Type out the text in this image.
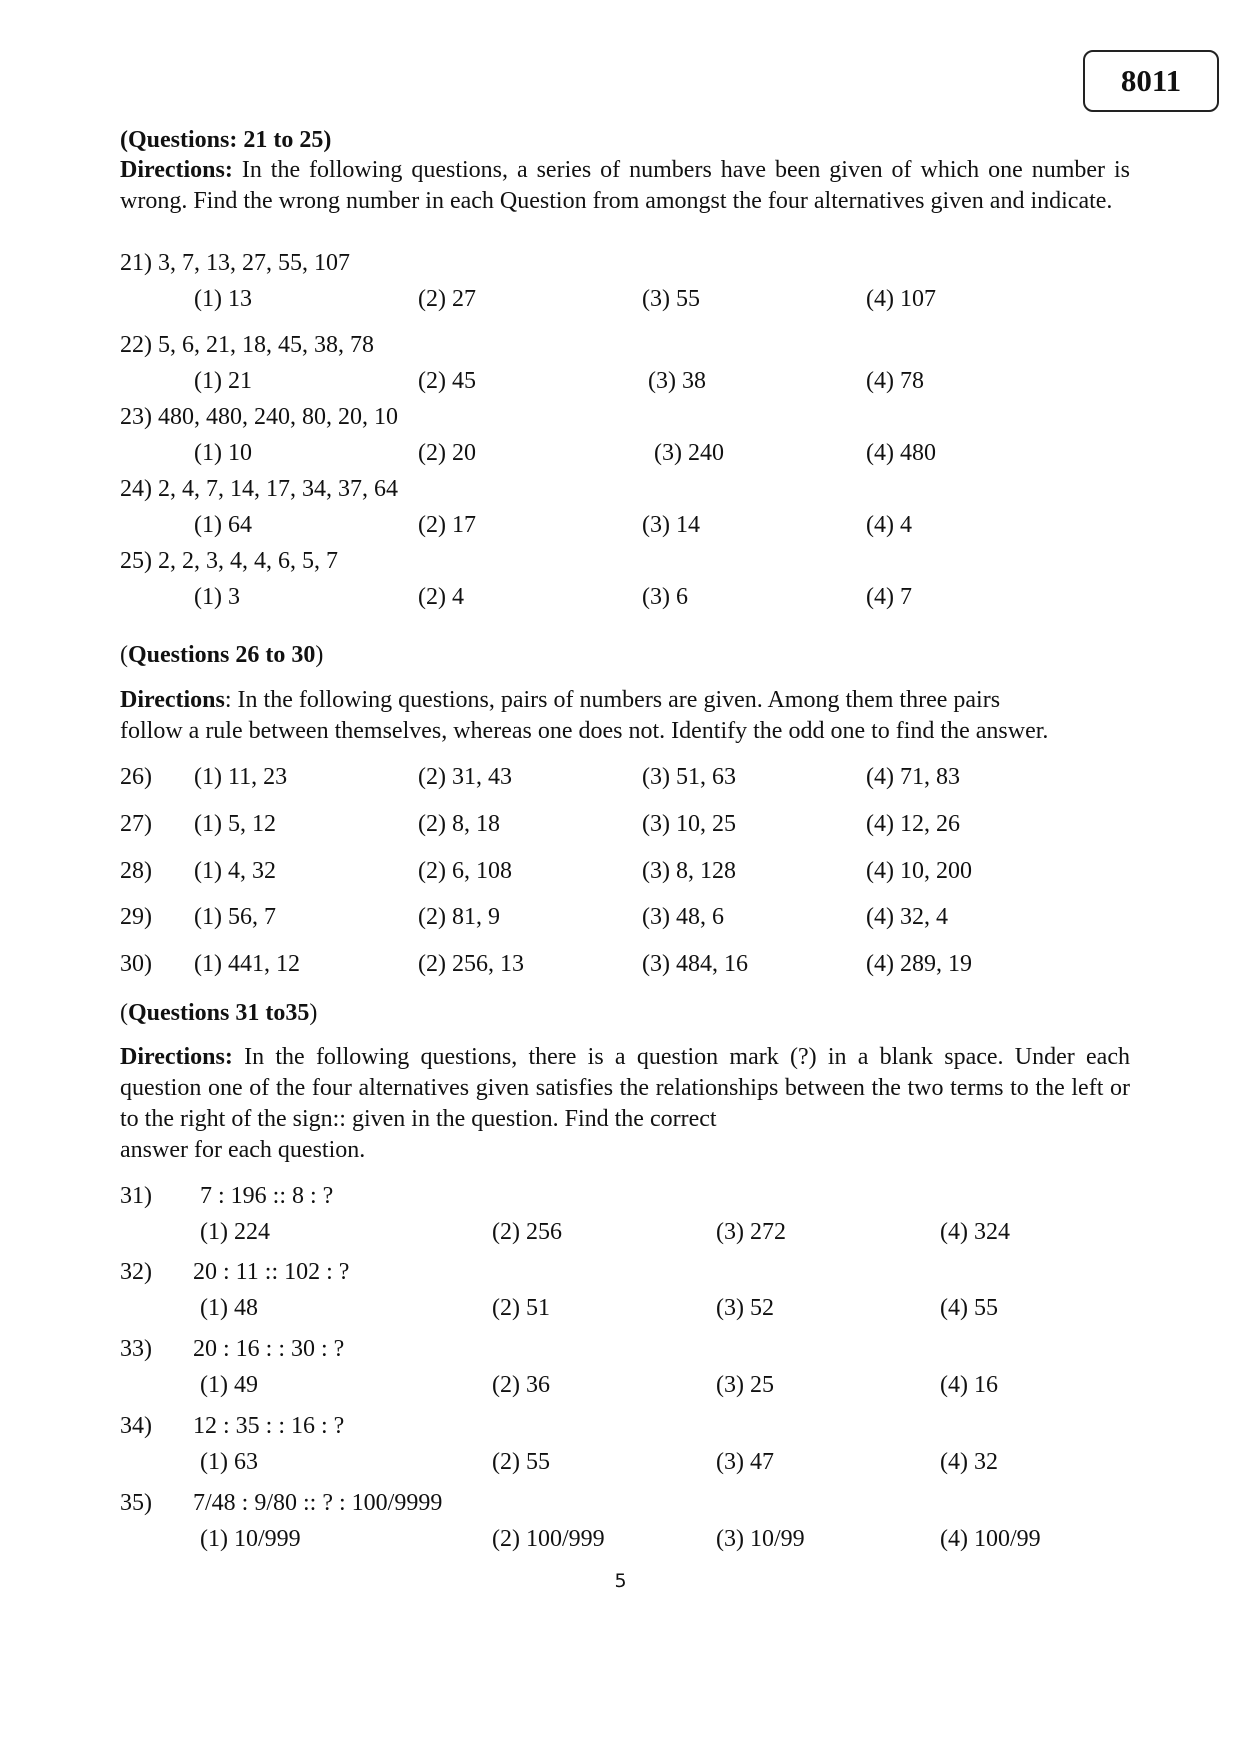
8011
(Questions: 21 to 25)
Directions: In the following questions, a series of numbers have been given of which one number is wrong. Find the wrong number in each Question from amongst the four alternatives given and indicate.
21) 3, 7, 13, 27, 55, 107
(1) 13	(2) 27	(3) 55	(4) 107
22) 5, 6, 21, 18, 45, 38, 78
(1) 21	(2) 45	(3) 38	(4) 78
23) 480, 480, 240, 80, 20, 10
(1) 10	(2) 20	(3) 240	(4) 480
24) 2, 4, 7, 14, 17, 34, 37, 64
(1) 64	(2) 17	(3) 14	(4) 4
25) 2, 2, 3, 4, 4, 6, 5, 7
(1) 3	(2) 4	(3) 6	(4) 7
(Questions 26 to 30)
Directions: In the following questions, pairs of numbers are given. Among them three pairs
follow a rule between themselves, whereas one does not. Identify the odd one to find the answer.
26) (1) 11, 23	(2) 31, 43	(3) 51, 63	(4) 71, 83
27) (1) 5, 12	(2) 8, 18	(3) 10, 25	(4) 12, 26
28) (1) 4, 32	(2) 6, 108	(3) 8, 128	(4) 10, 200
29) (1) 56, 7	(2) 81, 9	(3) 48, 6	(4) 32, 4
30) (1) 441, 12	(2) 256, 13	(3) 484, 16	(4) 289, 19
(Questions 31 to35)
Directions: In the following questions, there is a question mark (?) in a blank space. Under each question one of the four alternatives given satisfies the relationships between the two terms to the left or to the right of the sign:: given in the question. Find the correct
answer for each question.
31) 7 : 196 :: 8 : ?
(1) 224	(2) 256	(3) 272	(4) 324
32) 20 : 11 :: 102 : ?
(1) 48	(2) 51	(3) 52	(4) 55
33) 20 : 16 : : 30 : ?
(1) 49	(2) 36	(3) 25	(4) 16
34) 12 : 35 : : 16 : ?
(1) 63	(2) 55	(3) 47	(4) 32
35) 7/48 : 9/80 :: ? : 100/9999
(1) 10/999	(2) 100/999	(3) 10/99	(4) 100/99
5
